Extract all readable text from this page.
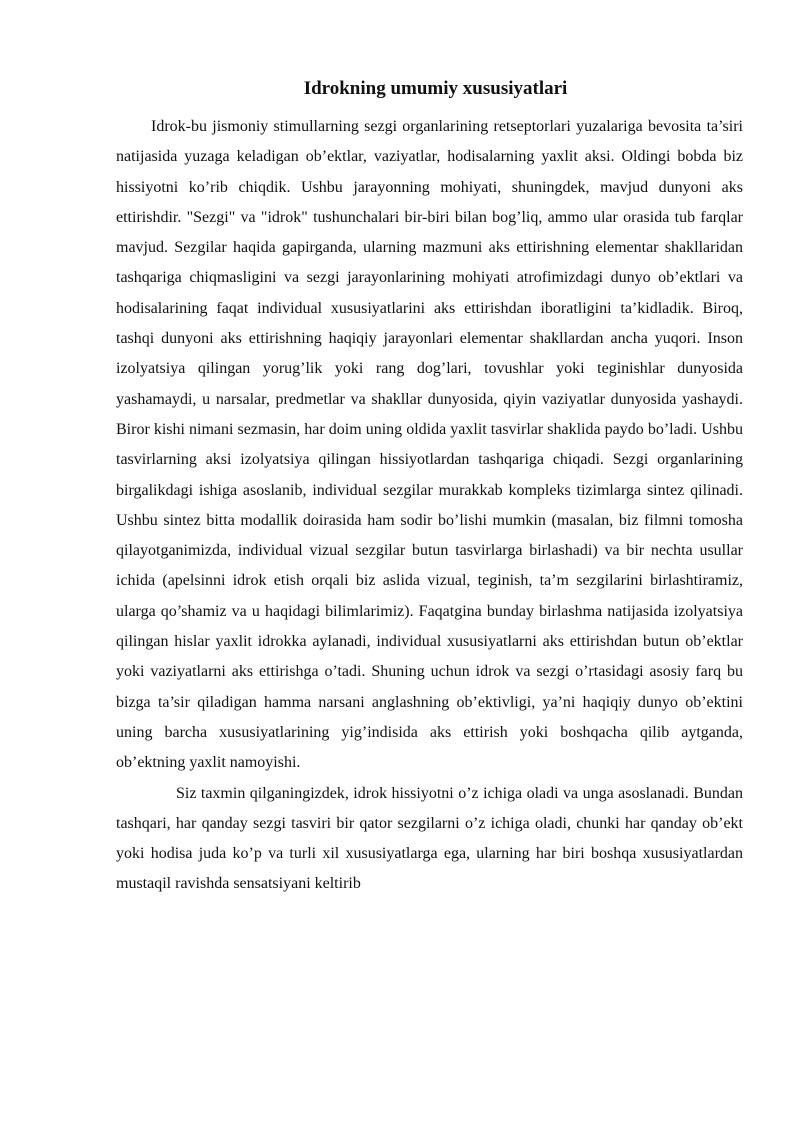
Idrokning umumiy xususiyatlari

Idrok-bu jismoniy stimullarning sezgi organlarining retseptorlari yuzalariga bevosita ta’siri natijasida yuzaga keladigan ob’ektlar, vaziyatlar, hodisalarning yaxlit aksi. Oldingi bobda biz hissiyotni ko’rib chiqdik. Ushbu jarayonning mohiyati, shuningdek, mavjud dunyoni aks ettirishdir. "Sezgi" va "idrok" tushunchalari bir-biri bilan bog’liq, ammo ular orasida tub farqlar mavjud. Sezgilar haqida gapirganda, ularning mazmuni aks ettirishning elementar shakllaridan tashqariga chiqmasligini va sezgi jarayonlarining mohiyati atrofimizdagi dunyo ob’ektlari va hodisalarining faqat individual xususiyatlarini aks ettirishdan iboratligini ta’kidladik. Biroq, tashqi dunyoni aks ettirishning haqiqiy jarayonlari elementar shakllardan ancha yuqori. Inson izolyatsiya qilingan yorug’lik yoki rang dog’lari, tovushlar yoki teginishlar dunyosida yashamaydi, u narsalar, predmetlar va shakllar dunyosida, qiyin vaziyatlar dunyosida yashaydi. Biror kishi nimani sezmasin, har doim uning oldida yaxlit tasvirlar shaklida paydo bo’ladi. Ushbu tasvirlarning aksi izolyatsiya qilingan hissiyotlardan tashqariga chiqadi. Sezgi organlarining birgalikdagi ishiga asoslanib, individual sezgilar murakkab kompleks tizimlarga sintez qilinadi. Ushbu sintez bitta modallik doirasida ham sodir bo’lishi mumkin (masalan, biz filmni tomosha qilayotganimizda, individual vizual sezgilar butun tasvirlarga birlashadi) va bir nechta usullar ichida (apelsinni idrok etish orqali biz aslida vizual, teginish, ta’m sezgilarini birlashtiramiz, ularga qo’shamiz va u haqidagi bilimlarimiz). Faqatgina bunday birlashma natijasida izolyatsiya qilingan hislar yaxlit idrokka aylanadi, individual xususiyatlarni aks ettirishdan butun ob’ektlar yoki vaziyatlarni aks ettirishga o’tadi. Shuning uchun idrok va sezgi o’rtasidagi asosiy farq bu bizga ta’sir qiladigan hamma narsani anglashning ob’ektivligi, ya’ni haqiqiy dunyo ob’ektini uning barcha xususiyatlarining yig’indisida aks ettirish yoki boshqacha qilib aytganda, ob’ektning yaxlit namoyishi.

Siz taxmin qilganingizdek, idrok hissiyotni o’z ichiga oladi va unga asoslanadi. Bundan tashqari, har qanday sezgi tasviri bir qator sezgilarni o’z ichiga oladi, chunki har qanday ob’ekt yoki hodisa juda ko’p va turli xil xususiyatlarga ega, ularning har biri boshqa xususiyatlardan mustaqil ravishda sensatsiyani keltirib
